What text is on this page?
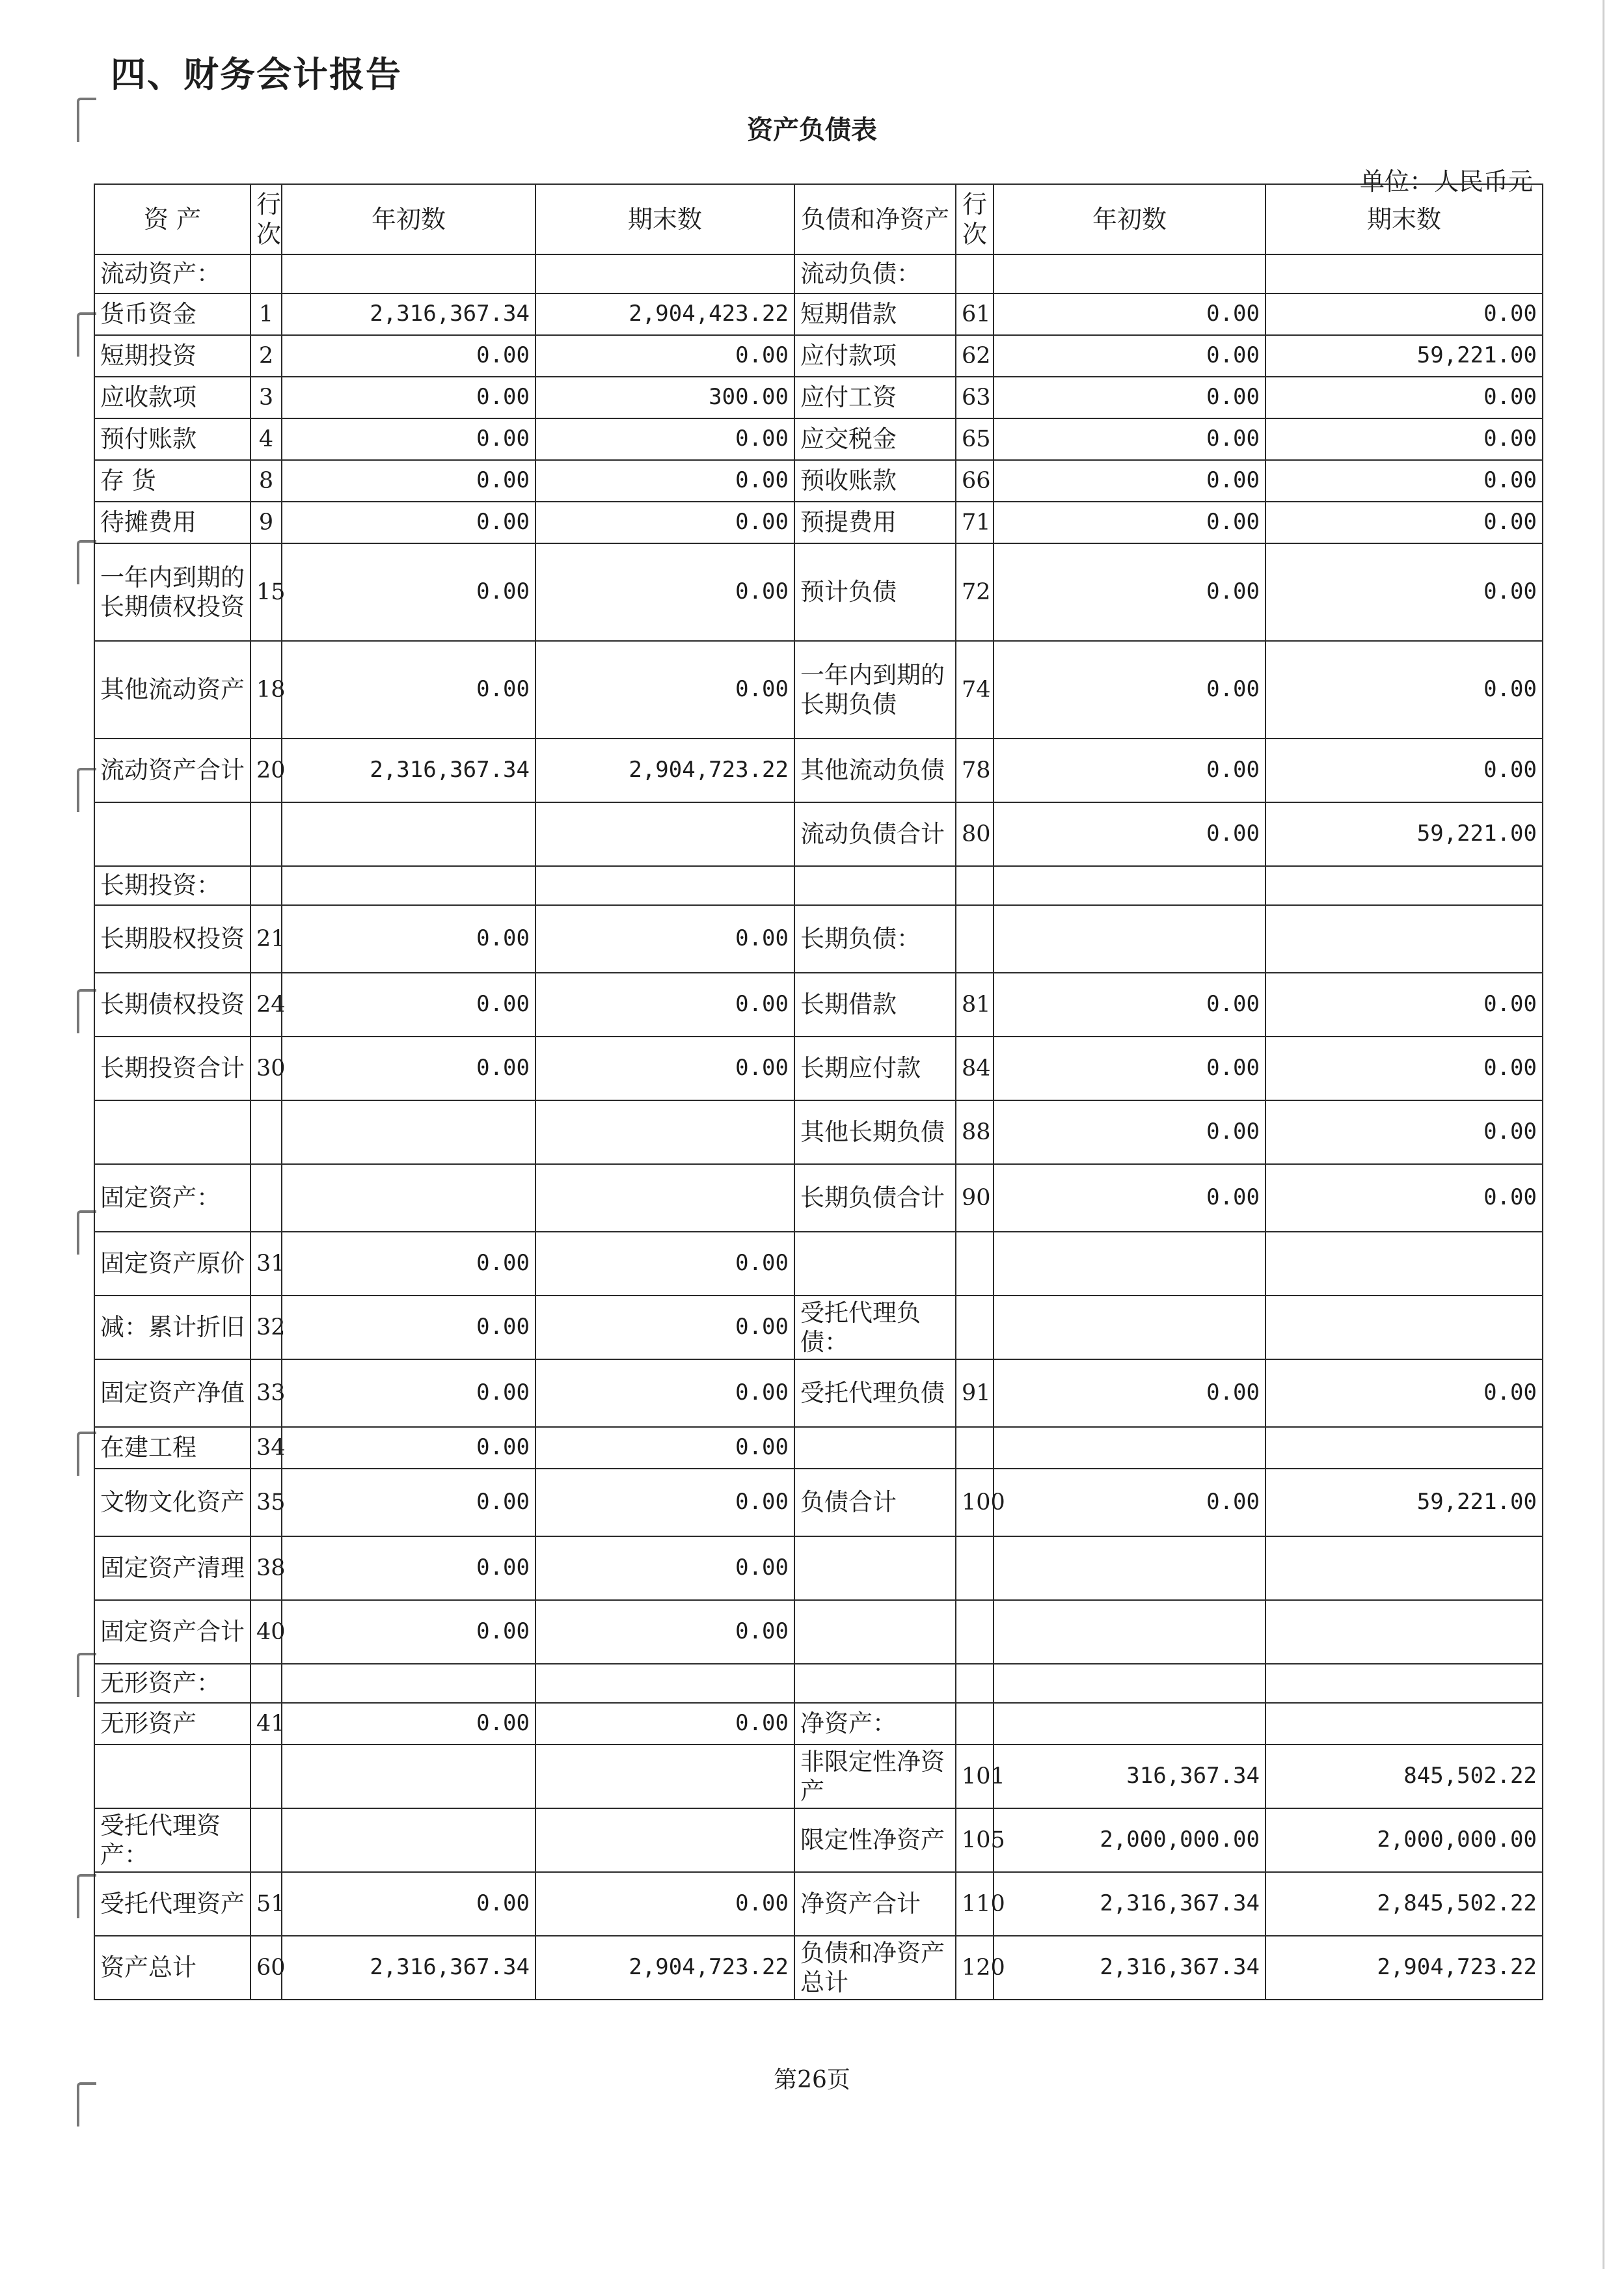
四、财务会计报告
资产负债表
单位：人民币元
资 产	行次	年初数	期末数	负债和净资产	行次	年初数	期末数
流动资产：				流动负债：			
货币资金	1	2,316,367.34	2,904,423.22	短期借款	61	0.00	0.00
短期投资	2	0.00	0.00	应付款项	62	0.00	59,221.00
应收款项	3	0.00	300.00	应付工资	63	0.00	0.00
预付账款	4	0.00	0.00	应交税金	65	0.00	0.00
存 货	8	0.00	0.00	预收账款	66	0.00	0.00
待摊费用	9	0.00	0.00	预提费用	71	0.00	0.00
一年内到期的长期债权投资	15	0.00	0.00	预计负债	72	0.00	0.00
其他流动资产	18	0.00	0.00	一年内到期的长期负债	74	0.00	0.00
流动资产合计	20	2,316,367.34	2,904,723.22	其他流动负债	78	0.00	0.00
				流动负债合计	80	0.00	59,221.00
长期投资：							
长期股权投资	21	0.00	0.00	长期负债：			
长期债权投资	24	0.00	0.00	长期借款	81	0.00	0.00
长期投资合计	30	0.00	0.00	长期应付款	84	0.00	0.00
				其他长期负债	88	0.00	0.00
固定资产：				长期负债合计	90	0.00	0.00
固定资产原价	31	0.00	0.00				
减：累计折旧	32	0.00	0.00	受托代理负债：			
固定资产净值	33	0.00	0.00	受托代理负债	91	0.00	0.00
在建工程	34	0.00	0.00				
文物文化资产	35	0.00	0.00	负债合计	100	0.00	59,221.00
固定资产清理	38	0.00	0.00				
固定资产合计	40	0.00	0.00				
无形资产：							
无形资产	41	0.00	0.00	净资产：			
				非限定性净资产	101	316,367.34	845,502.22
受托代理资产：				限定性净资产	105	2,000,000.00	2,000,000.00
受托代理资产	51	0.00	0.00	净资产合计	110	2,316,367.34	2,845,502.22
资产总计	60	2,316,367.34	2,904,723.22	负债和净资产总计	120	2,316,367.34	2,904,723.22
第26页
